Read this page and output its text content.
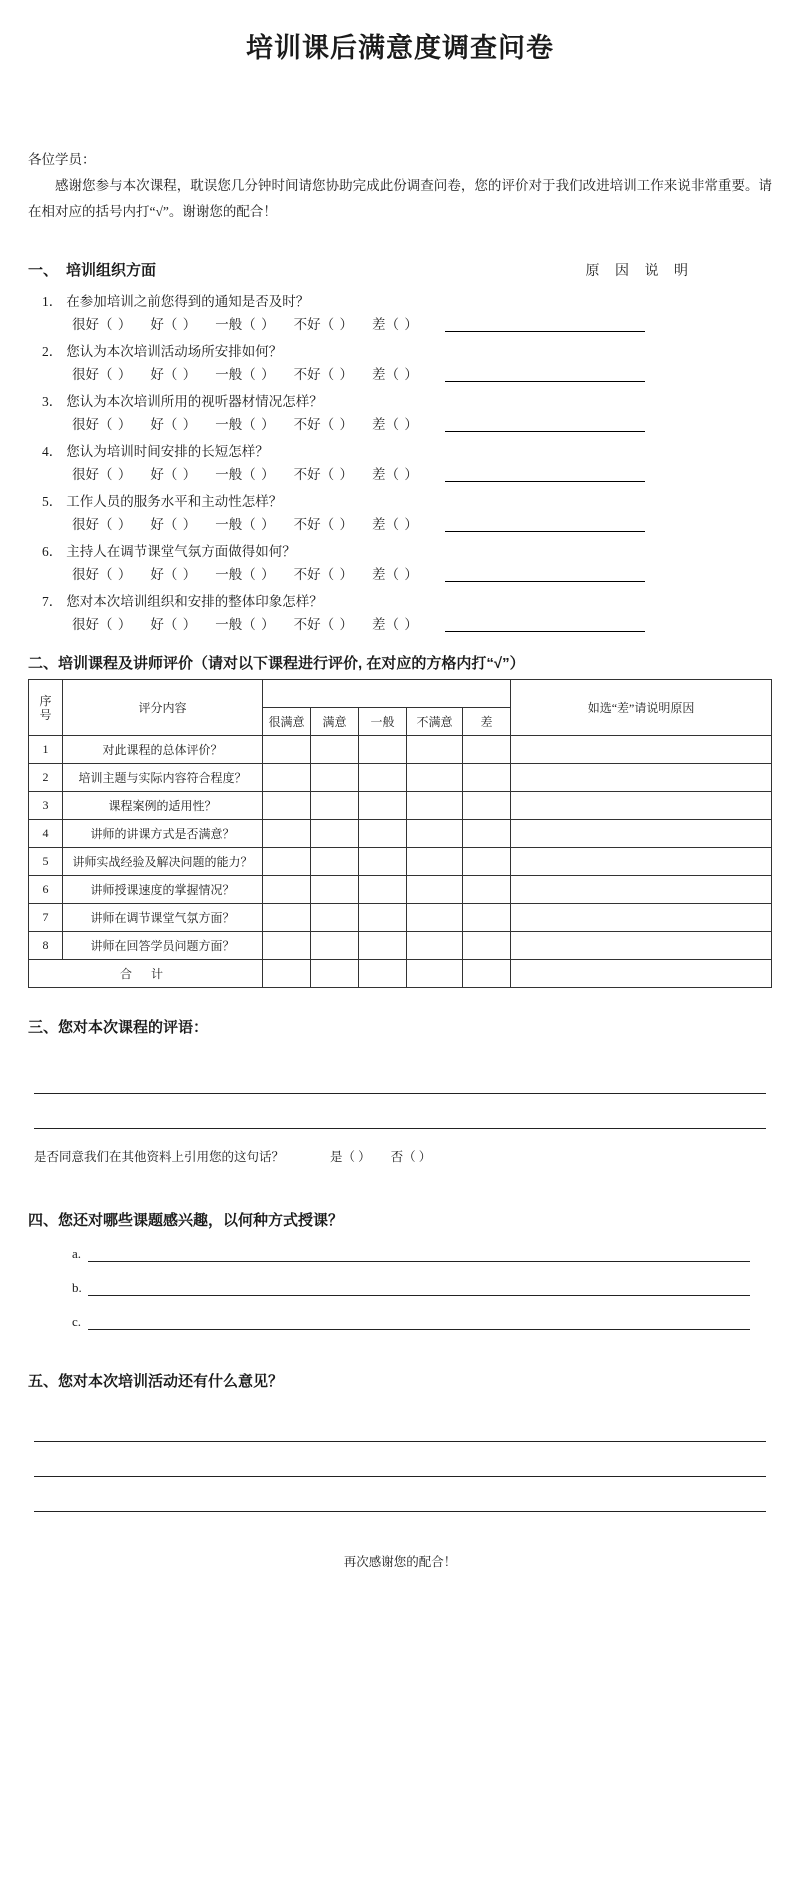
培训课后满意度调查问卷
各位学员：
感谢您参与本次课程，耽误您几分钟时间请您协助完成此份调查问卷，您的评价对于我们改进培训工作来说非常重要。请在相对应的括号内打“√”。谢谢您的配合！
一、 培训组织方面	原 因 说 明
1． 在参加培训之前您得到的通知是否及时？
很好（ ） 好（ ） 一般（ ） 不好（ ） 差（ ）
2． 您认为本次培训活动场所安排如何？
很好（ ） 好（ ） 一般（ ） 不好（ ） 差（ ）
3． 您认为本次培训所用的视听器材情况怎样？
很好（ ） 好（ ） 一般（ ） 不好（ ） 差（ ）
4． 您认为培训时间安排的长短怎样？
很好（ ） 好（ ） 一般（ ） 不好（ ） 差（ ）
5． 工作人员的服务水平和主动性怎样？
很好（ ） 好（ ） 一般（ ） 不好（ ） 差（ ）
6． 主持人在调节课堂气氛方面做得如何？
很好（ ） 好（ ） 一般（ ） 不好（ ） 差（ ）
7． 您对本次培训组织和安排的整体印象怎样？
很好（ ） 好（ ） 一般（ ） 不好（ ） 差（ ）
二、培训课程及讲师评价（请对以下课程进行评价, 在对应的方格内打“√”）
序号	评分内容						如选“差”请说明原因
		很满意	满意	一般	不满意	差	
1	对此课程的总体评价？						
2	培训主题与实际内容符合程度？						
3	课程案例的适用性？						
4	讲师的讲课方式是否满意？						
5	讲师实战经验及解决问题的能力？						
6	讲师授课速度的掌握情况？						
7	讲师在调节课堂气氛方面？						
8	讲师在回答学员问题方面？						
合 计							
三、您对本次课程的评语：
是否同意我们在其他资料上引用您的这句话？	是（ ） 否（ ）
四、您还对哪些课题感兴趣，以何种方式授课？
a.
b.
c.
五、您对本次培训活动还有什么意见？
再次感谢您的配合！
